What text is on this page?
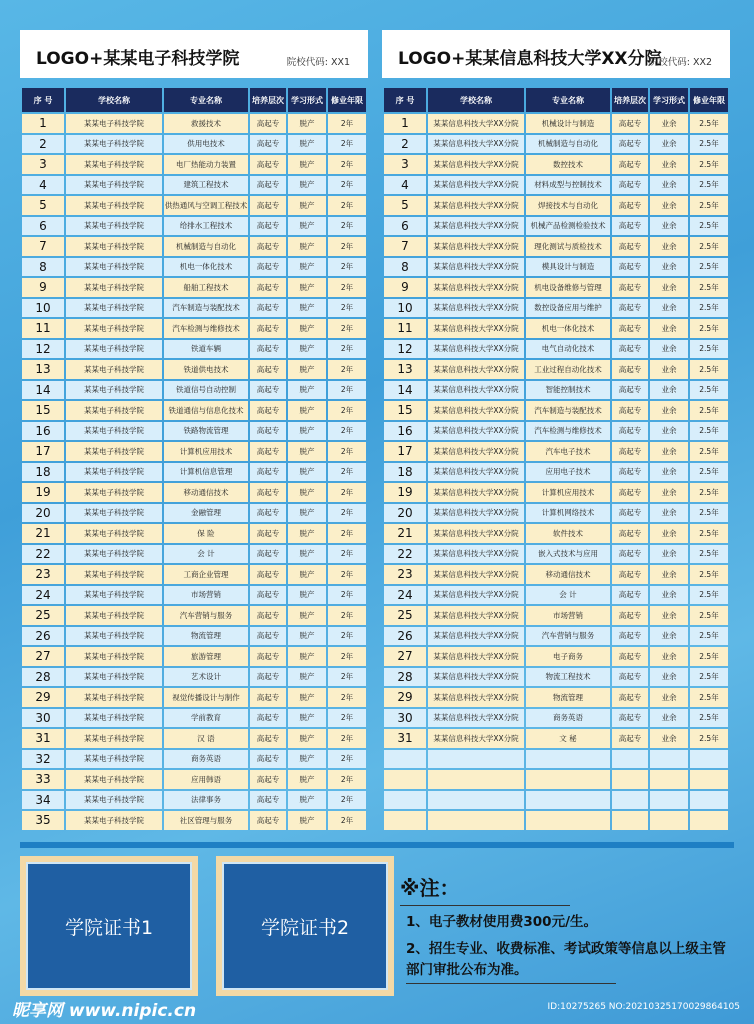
LOGO+某某电子科技学院	院校代码: XX1
序 号	学校名称	专业名称	培养层次	学习形式	修业年限
1	某某电子科技学院	救援技术	高起专	脱产	2年
2	某某电子科技学院	供用电技术	高起专	脱产	2年
3	某某电子科技学院	电厂热能动力装置	高起专	脱产	2年
4	某某电子科技学院	建筑工程技术	高起专	脱产	2年
5	某某电子科技学院	供热通风与空调工程技术	高起专	脱产	2年
6	某某电子科技学院	给排水工程技术	高起专	脱产	2年
7	某某电子科技学院	机械制造与自动化	高起专	脱产	2年
8	某某电子科技学院	机电一体化技术	高起专	脱产	2年
9	某某电子科技学院	船舶工程技术	高起专	脱产	2年
10	某某电子科技学院	汽车制造与装配技术	高起专	脱产	2年
11	某某电子科技学院	汽车检测与维修技术	高起专	脱产	2年
12	某某电子科技学院	铁道车辆	高起专	脱产	2年
13	某某电子科技学院	铁道供电技术	高起专	脱产	2年
14	某某电子科技学院	铁道信号自动控制	高起专	脱产	2年
15	某某电子科技学院	铁道通信与信息化技术	高起专	脱产	2年
16	某某电子科技学院	铁路物流管理	高起专	脱产	2年
17	某某电子科技学院	计算机应用技术	高起专	脱产	2年
18	某某电子科技学院	计算机信息管理	高起专	脱产	2年
19	某某电子科技学院	移动通信技术	高起专	脱产	2年
20	某某电子科技学院	金融管理	高起专	脱产	2年
21	某某电子科技学院	保 险	高起专	脱产	2年
22	某某电子科技学院	会 计	高起专	脱产	2年
23	某某电子科技学院	工商企业管理	高起专	脱产	2年
24	某某电子科技学院	市场营销	高起专	脱产	2年
25	某某电子科技学院	汽车营销与服务	高起专	脱产	2年
26	某某电子科技学院	物流管理	高起专	脱产	2年
27	某某电子科技学院	旅游管理	高起专	脱产	2年
28	某某电子科技学院	艺术设计	高起专	脱产	2年
29	某某电子科技学院	视觉传播设计与制作	高起专	脱产	2年
30	某某电子科技学院	学前教育	高起专	脱产	2年
31	某某电子科技学院	汉 语	高起专	脱产	2年
32	某某电子科技学院	商务英语	高起专	脱产	2年
33	某某电子科技学院	应用韩语	高起专	脱产	2年
34	某某电子科技学院	法律事务	高起专	脱产	2年
35	某某电子科技学院	社区管理与服务	高起专	脱产	2年
LOGO+某某信息科技大学XX分院
院校代码: XX2
序 号	学校名称	专业名称	培养层次	学习形式	修业年限
1	某某信息科技大学XX分院	机械设计与制造	高起专	业余	2.5年
2	某某信息科技大学XX分院	机械制造与自动化	高起专	业余	2.5年
3	某某信息科技大学XX分院	数控技术	高起专	业余	2.5年
4	某某信息科技大学XX分院	材料成型与控制技术	高起专	业余	2.5年
5	某某信息科技大学XX分院	焊接技术与自动化	高起专	业余	2.5年
6	某某信息科技大学XX分院	机械产品检测检验技术	高起专	业余	2.5年
7	某某信息科技大学XX分院	理化测试与质检技术	高起专	业余	2.5年
8	某某信息科技大学XX分院	模具设计与制造	高起专	业余	2.5年
9	某某信息科技大学XX分院	机电设备维修与管理	高起专	业余	2.5年
10	某某信息科技大学XX分院	数控设备应用与维护	高起专	业余	2.5年
11	某某信息科技大学XX分院	机电一体化技术	高起专	业余	2.5年
12	某某信息科技大学XX分院	电气自动化技术	高起专	业余	2.5年
13	某某信息科技大学XX分院	工业过程自动化技术	高起专	业余	2.5年
14	某某信息科技大学XX分院	智能控制技术	高起专	业余	2.5年
15	某某信息科技大学XX分院	汽车制造与装配技术	高起专	业余	2.5年
16	某某信息科技大学XX分院	汽车检测与维修技术	高起专	业余	2.5年
17	某某信息科技大学XX分院	汽车电子技术	高起专	业余	2.5年
18	某某信息科技大学XX分院	应用电子技术	高起专	业余	2.5年
19	某某信息科技大学XX分院	计算机应用技术	高起专	业余	2.5年
20	某某信息科技大学XX分院	计算机网络技术	高起专	业余	2.5年
21	某某信息科技大学XX分院	软件技术	高起专	业余	2.5年
22	某某信息科技大学XX分院	嵌入式技术与应用	高起专	业余	2.5年
23	某某信息科技大学XX分院	移动通信技术	高起专	业余	2.5年
24	某某信息科技大学XX分院	会 计	高起专	业余	2.5年
25	某某信息科技大学XX分院	市场营销	高起专	业余	2.5年
26	某某信息科技大学XX分院	汽车营销与服务	高起专	业余	2.5年
27	某某信息科技大学XX分院	电子商务	高起专	业余	2.5年
28	某某信息科技大学XX分院	物流工程技术	高起专	业余	2.5年
29	某某信息科技大学XX分院	物流管理	高起专	业余	2.5年
30	某某信息科技大学XX分院	商务英语	高起专	业余	2.5年
31	某某信息科技大学XX分院	文 秘	高起专	业余	2.5年

学院证书1	学院证书2
※注：

1、电子教材使用费300元/生。

2、招生专业、收费标准、考试政策等信息以上级主管部门审批公布为准。

昵享网 www.nipic.cn	ID:10275265 NO:20210325170029864105
